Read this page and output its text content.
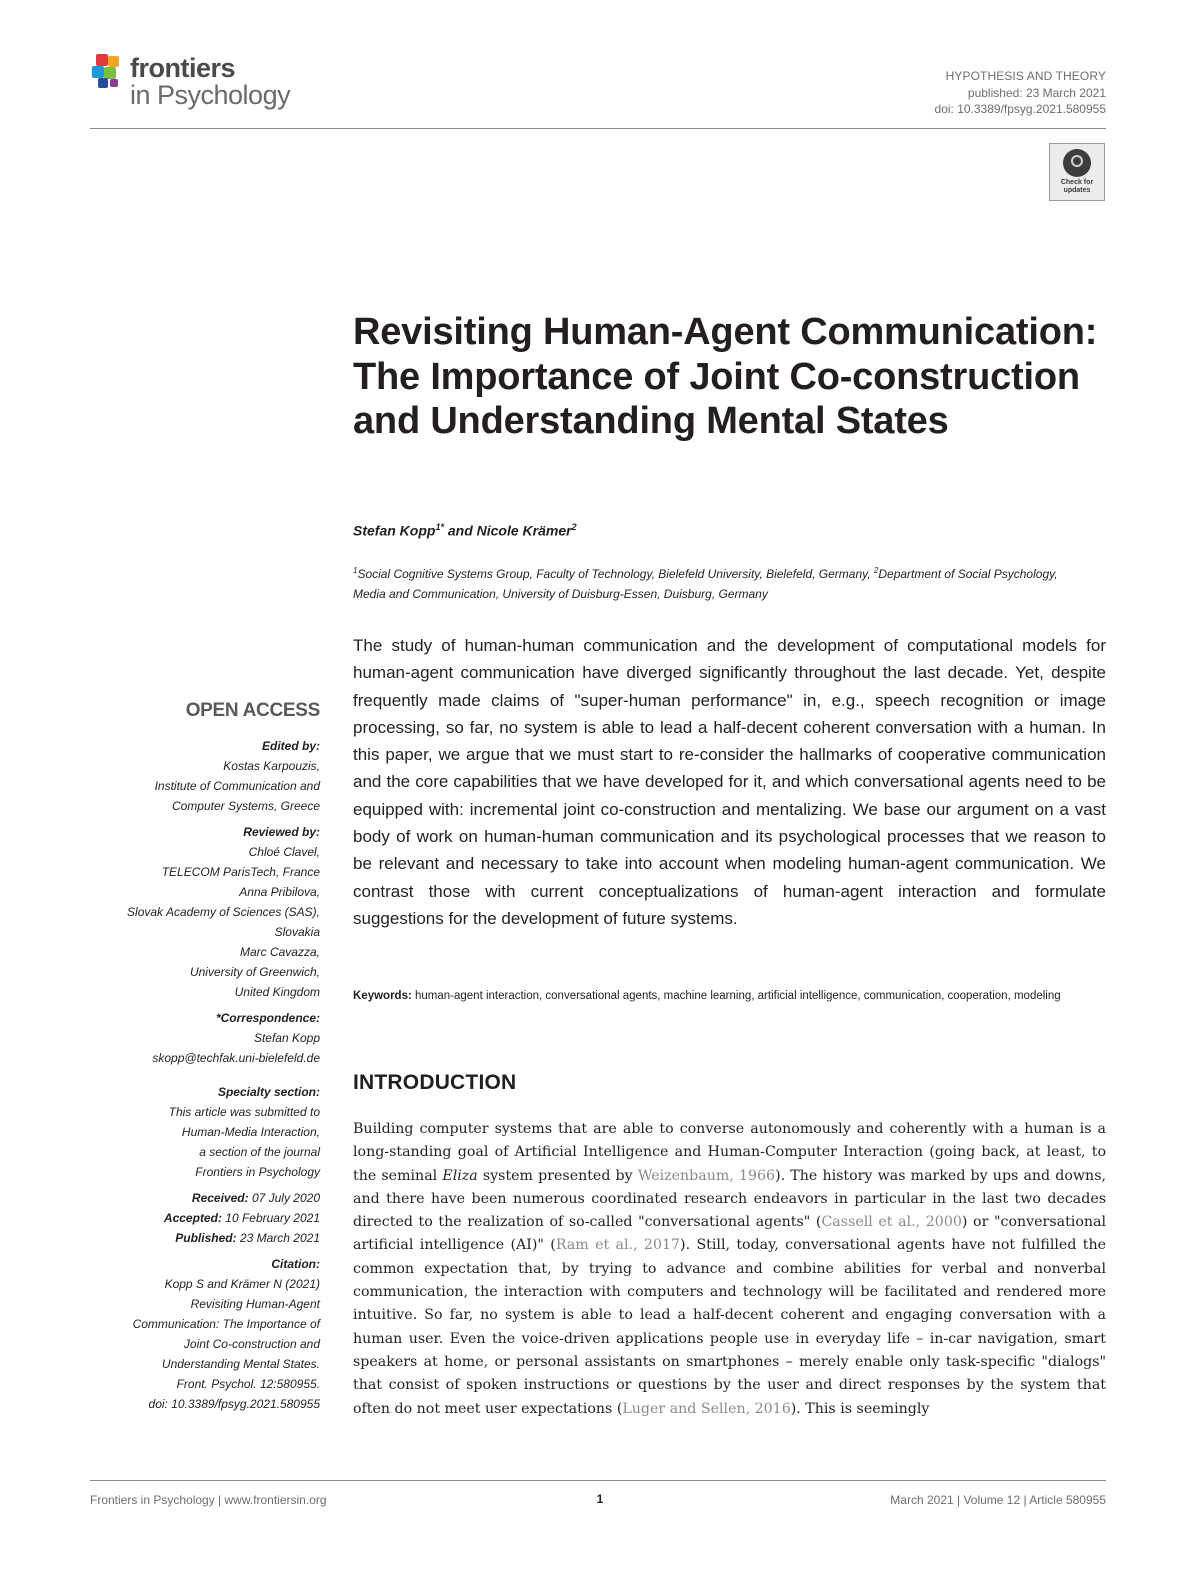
frontiers
in Psychology
HYPOTHESIS AND THEORY
published: 23 March 2021
doi: 10.3389/fpsyg.2021.580955
Check for updates
Revisiting Human-Agent Communication: The Importance of Joint Co-construction and Understanding Mental States
Stefan Kopp$^{1*}$ and Nicole Krämer$^2$
$^1$Social Cognitive Systems Group, Faculty of Technology, Bielefeld University, Bielefeld, Germany, $^2$Department of Social Psychology, Media and Communication, University of Duisburg-Essen, Duisburg, Germany
The study of human-human communication and the development of computational models for human-agent communication have diverged significantly throughout the last decade. Yet, despite frequently made claims of "super-human performance" in, e.g., speech recognition or image processing, so far, no system is able to lead a half-decent coherent conversation with a human. In this paper, we argue that we must start to re-consider the hallmarks of cooperative communication and the core capabilities that we have developed for it, and which conversational agents need to be equipped with: incremental joint co-construction and mentalizing. We base our argument on a vast body of work on human-human communication and its psychological processes that we reason to be relevant and necessary to take into account when modeling human-agent communication. We contrast those with current conceptualizations of human-agent interaction and formulate suggestions for the development of future systems.
Keywords: human-agent interaction, conversational agents, machine learning, artificial intelligence, communication, cooperation, modeling
INTRODUCTION
Building computer systems that are able to converse autonomously and coherently with a human is a long-standing goal of Artificial Intelligence and Human-Computer Interaction (going back, at least, to the seminal Eliza system presented by Weizenbaum, 1966). The history was marked by ups and downs, and there have been numerous coordinated research endeavors in particular in the last two decades directed to the realization of so-called "conversational agents" (Cassell et al., 2000) or "conversational artificial intelligence (AI)" (Ram et al., 2017). Still, today, conversational agents have not fulfilled the common expectation that, by trying to advance and combine abilities for verbal and nonverbal communication, the interaction with computers and technology will be facilitated and rendered more intuitive. So far, no system is able to lead a half-decent coherent and engaging conversation with a human user. Even the voice-driven applications people use in everyday life – in-car navigation, smart speakers at home, or personal assistants on smartphones – merely enable only task-specific "dialogs" that consist of spoken instructions or questions by the user and direct responses by the system that often do not meet user expectations (Luger and Sellen, 2016). This is seemingly
OPEN ACCESS
Edited by:
Kostas Karpouzis,
Institute of Communication and
Computer Systems, Greece
Reviewed by:
Chloé Clavel,
TELECOM ParisTech, France
Anna Pribilova,
Slovak Academy of Sciences (SAS),
Slovakia
Marc Cavazza,
University of Greenwich,
United Kingdom
*Correspondence:
Stefan Kopp
skopp@techfak.uni-bielefeld.de
Specialty section:
This article was submitted to
Human-Media Interaction,
a section of the journal
Frontiers in Psychology
Received: 07 July 2020
Accepted: 10 February 2021
Published: 23 March 2021
Citation:
Kopp S and Krämer N (2021)
Revisiting Human-Agent
Communication: The Importance of
Joint Co-construction and
Understanding Mental States.
Front. Psychol. 12:580955.
doi: 10.3389/fpsyg.2021.580955
Frontiers in Psychology | www.frontiersin.org	1	March 2021 | Volume 12 | Article 580955
